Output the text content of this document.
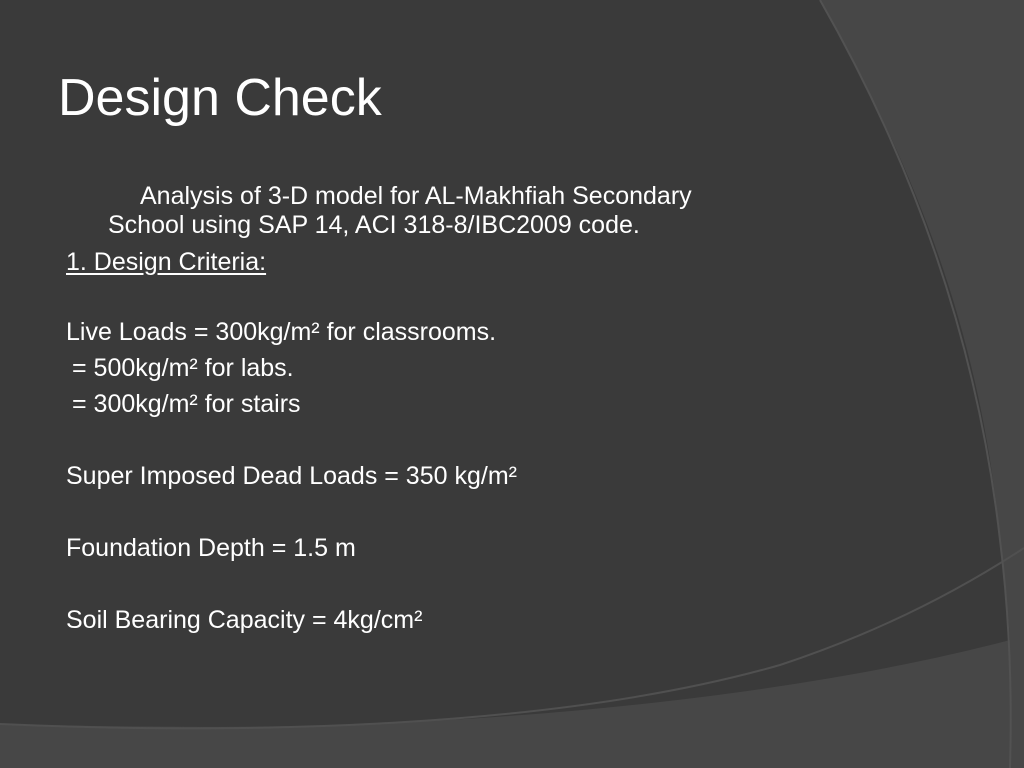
Design Check
Analysis of 3-D model for AL-Makhfiah Secondary
School using SAP 14, ACI 318-8/IBC2009 code.
1. Design Criteria:
Live Loads = 300kg/m² for classrooms.
= 500kg/m² for labs.
= 300kg/m² for stairs
Super Imposed Dead Loads = 350 kg/m²
Foundation Depth = 1.5 m
Soil Bearing Capacity = 4kg/cm²
